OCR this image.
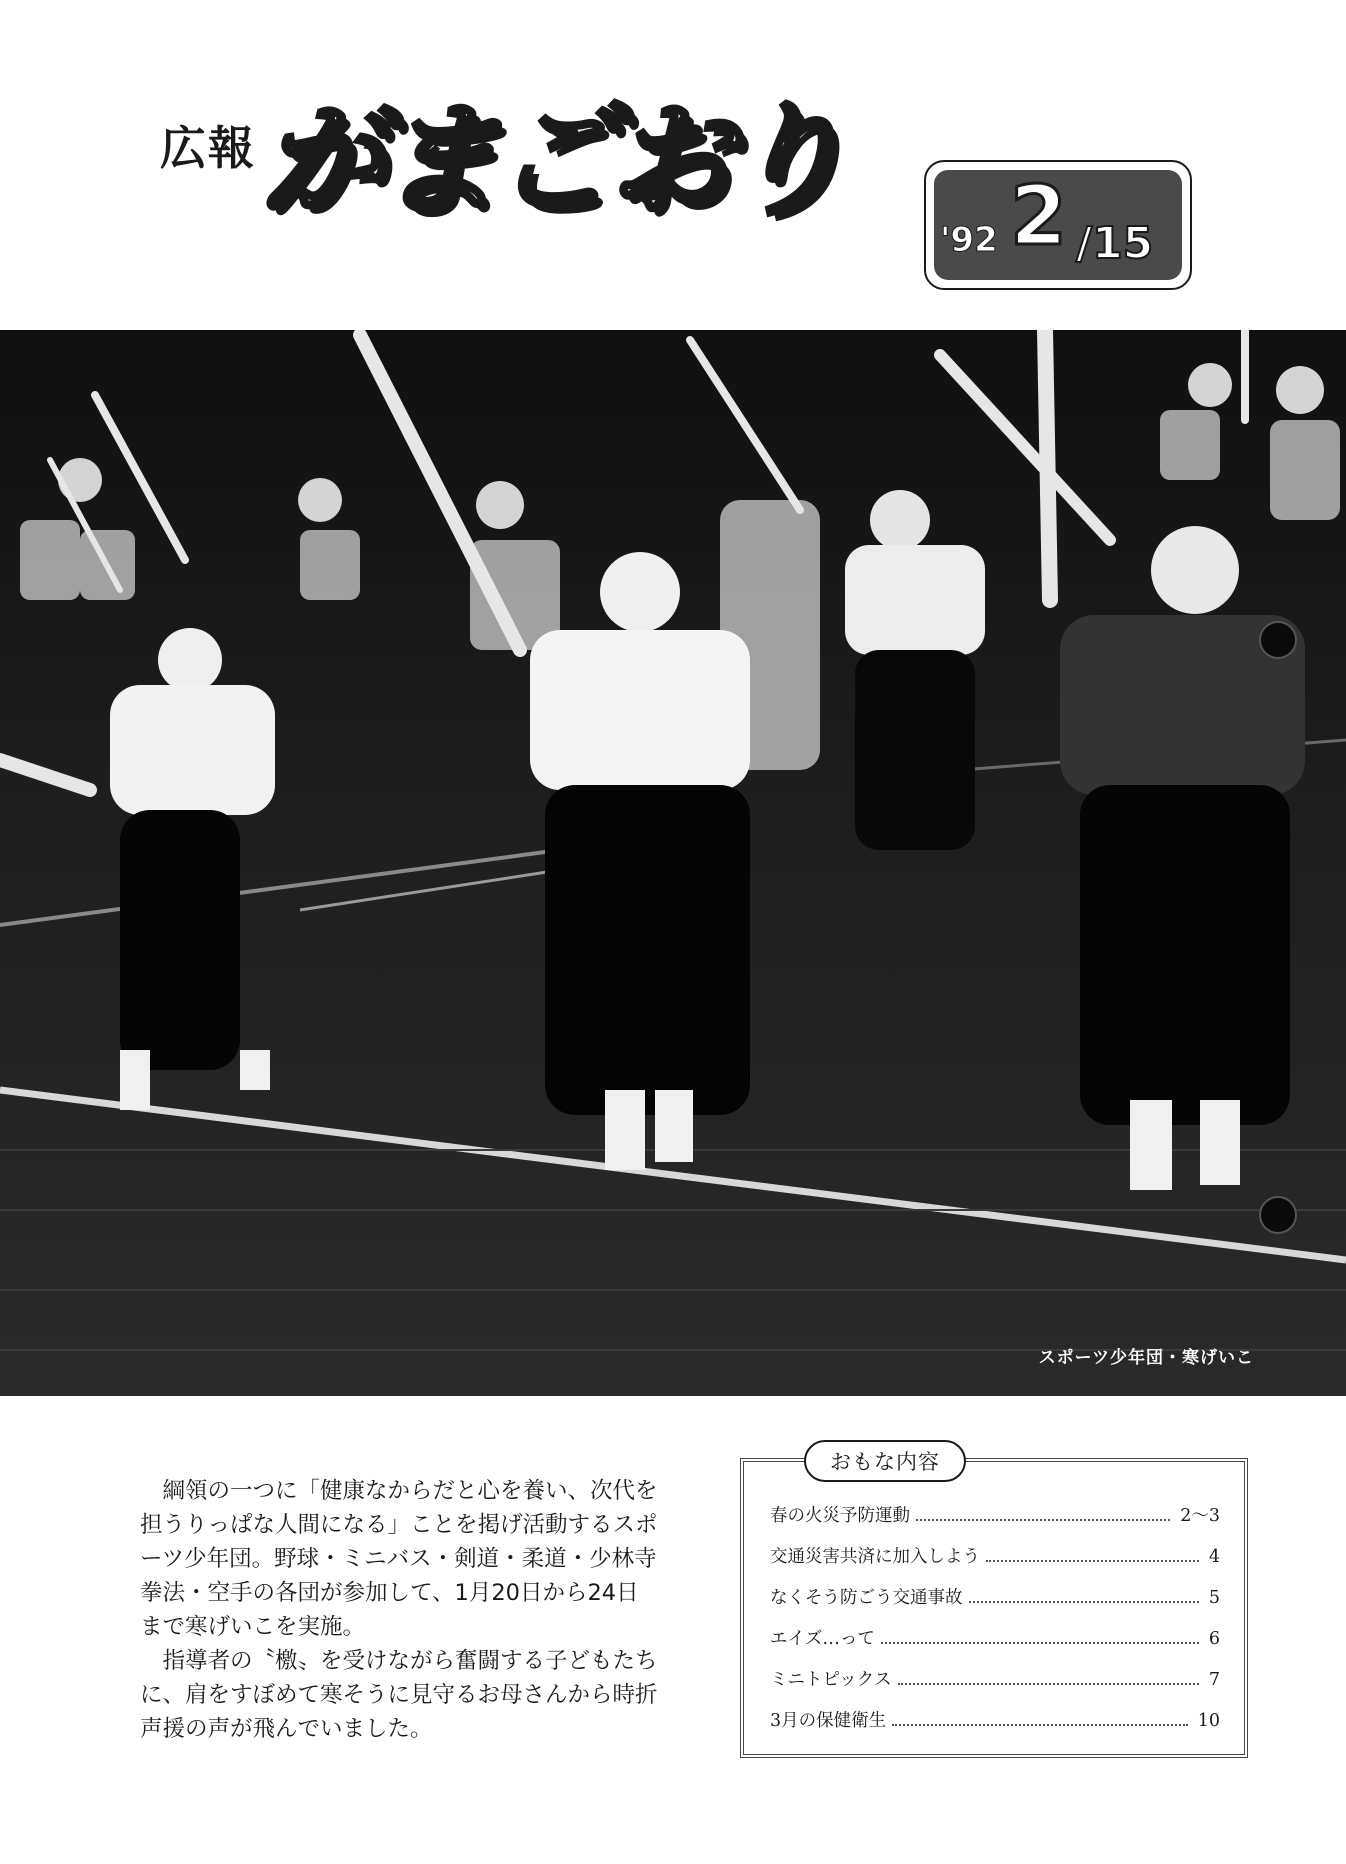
広報 がまごおり
'92 2 /15
スポーツ少年団・寒げいこ

綱領の一つに「健康なからだと心を養い、次代を担うりっぱな人間になる」ことを掲げ活動するスポーツ少年団。野球・ミニバス・剣道・柔道・少林寺拳法・空手の各団が参加して、1月20日から24日まで寒げいこを実施。

指導者の〝檄〟を受けながら奮闘する子どもたちに、肩をすぼめて寒そうに見守るお母さんから時折声援の声が飛んでいました。

おもな内容
春の火災予防運動	2～3
交通災害共済に加入しよう	4
なくそう防ごう交通事故	5
エイズ…って	6
ミニトピックス	7
3月の保健衛生	10
